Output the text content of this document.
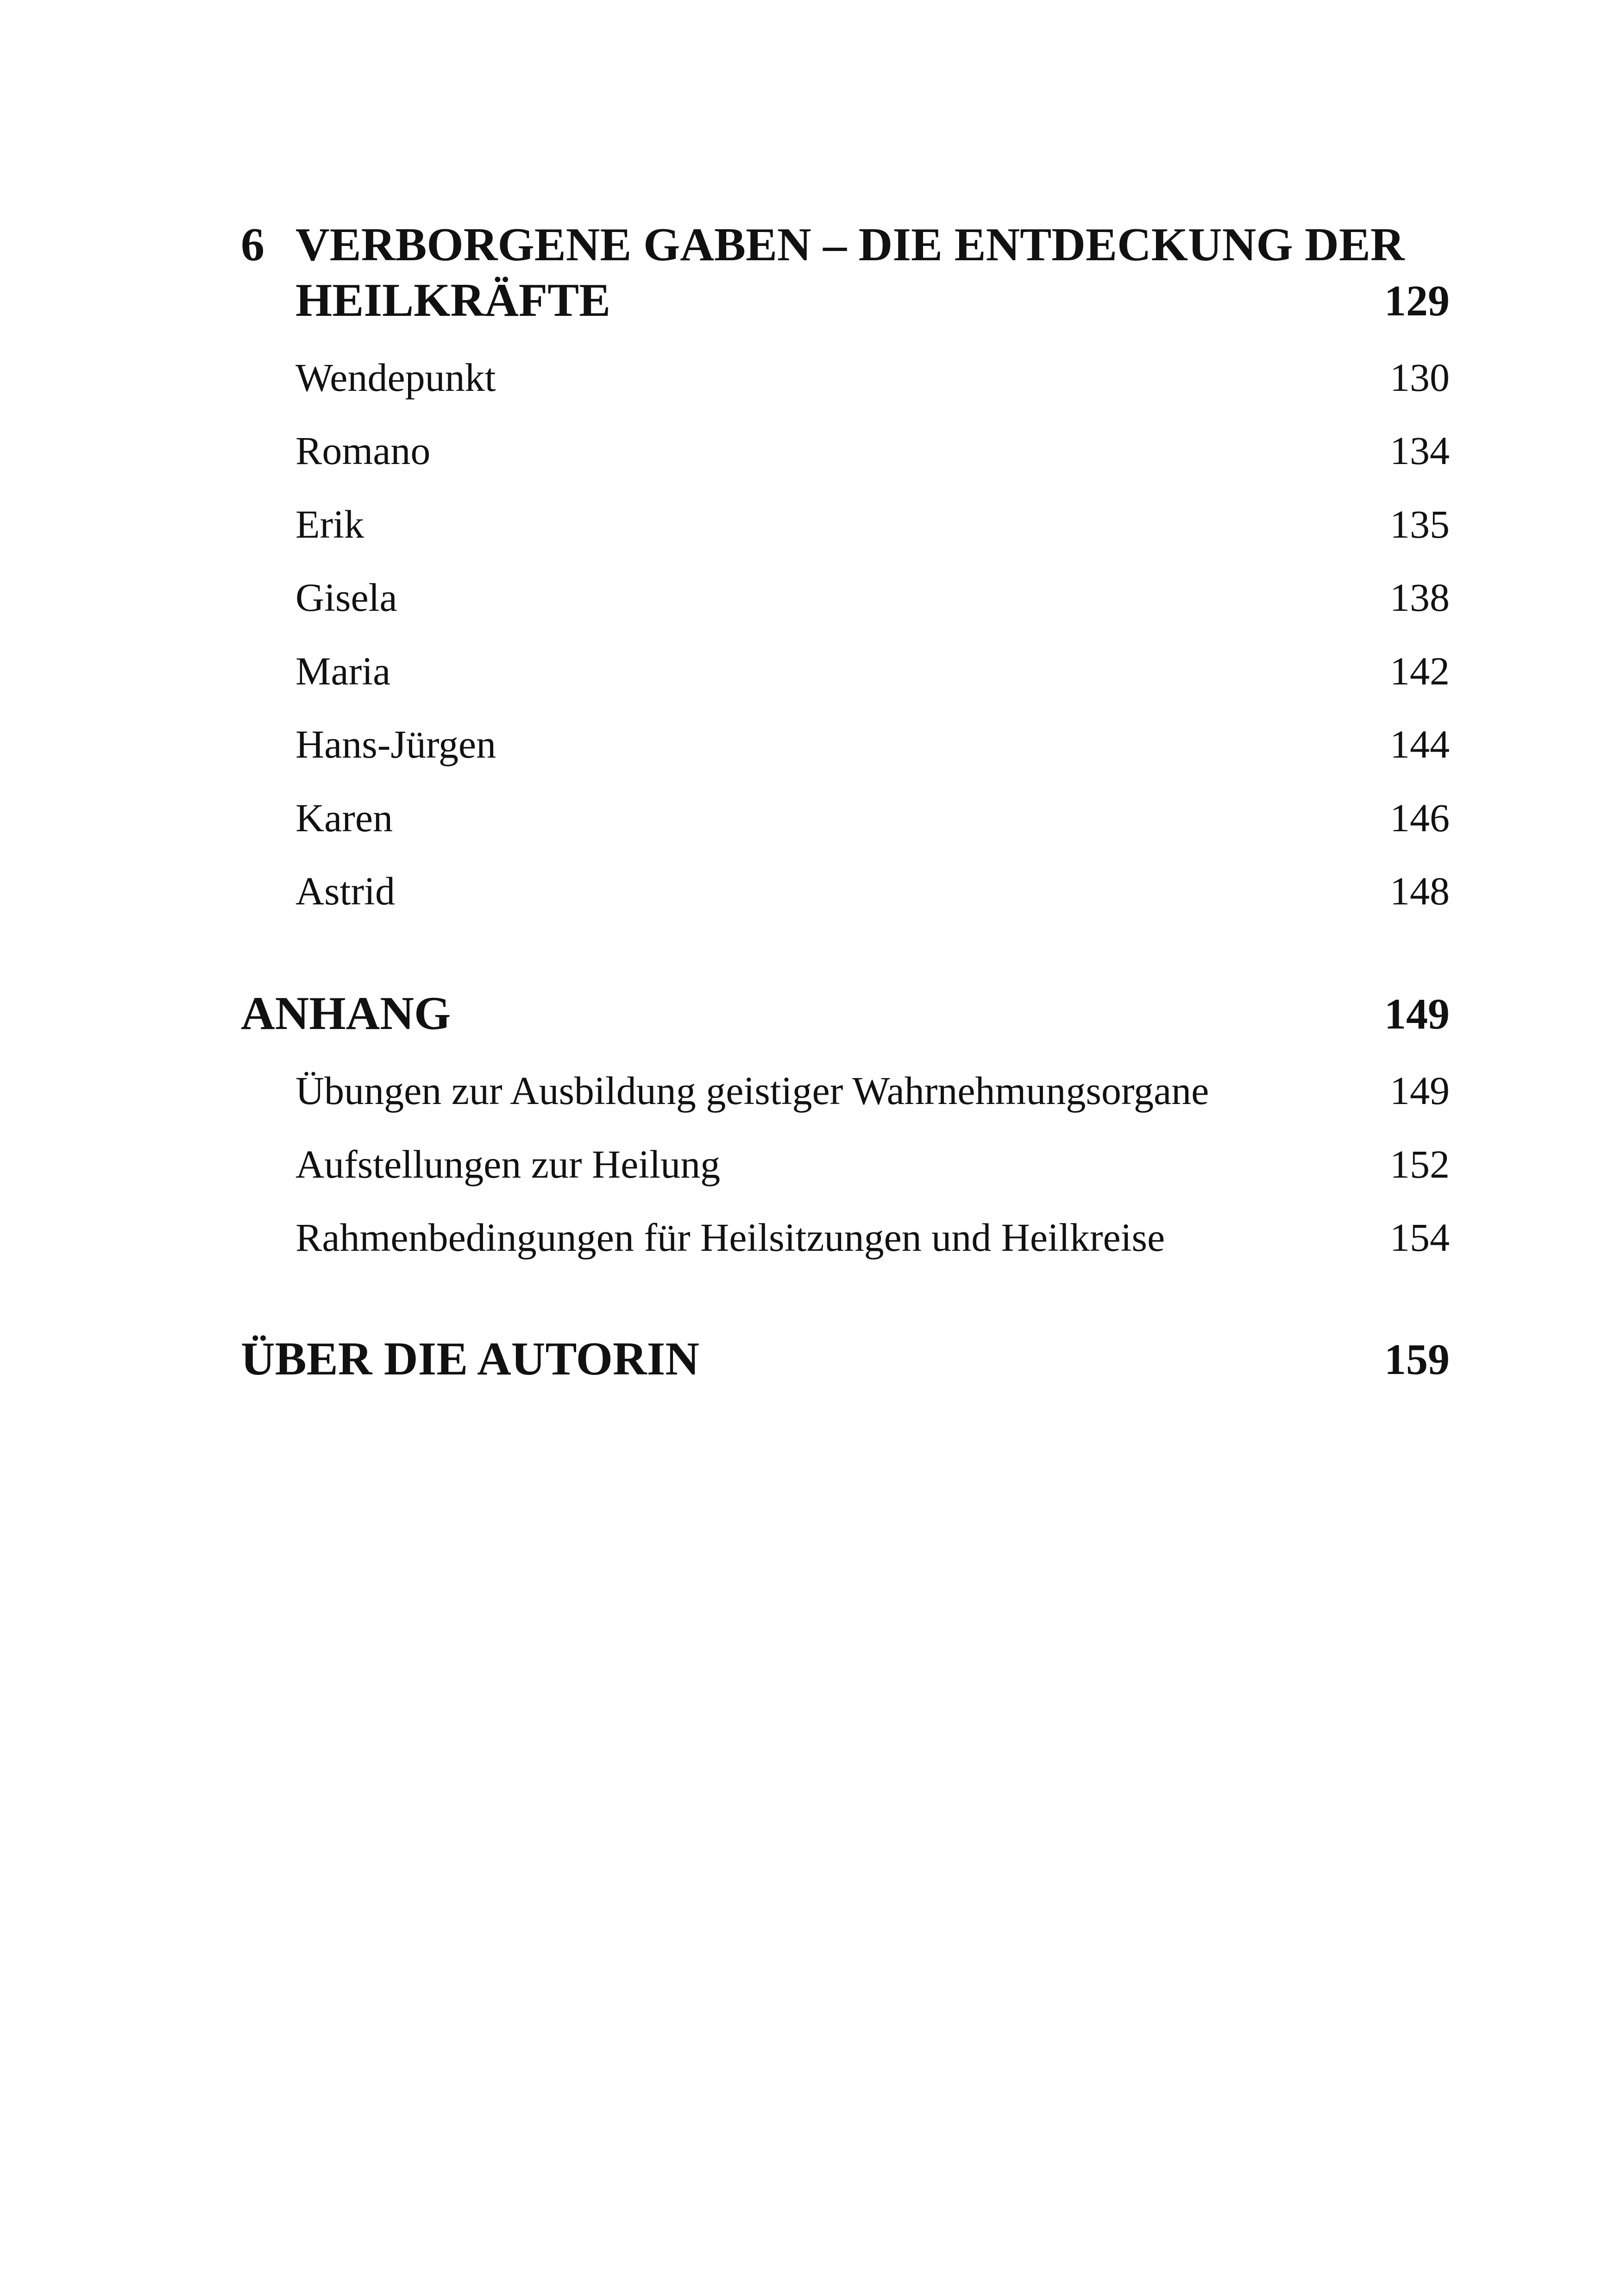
6 VERBORGENE GABEN – DIE ENTDECKUNG DER
HEILKRÄFTE	129
Wendepunkt	130
Romano	134
Erik	135
Gisela	138
Maria	142
Hans-Jürgen	144
Karen	146
Astrid	148
ANHANG	149
Übungen zur Ausbildung geistiger Wahrnehmungsorgane	149
Aufstellungen zur Heilung	152
Rahmenbedingungen für Heilsitzungen und Heilkreise	154
ÜBER DIE AUTORIN	159
